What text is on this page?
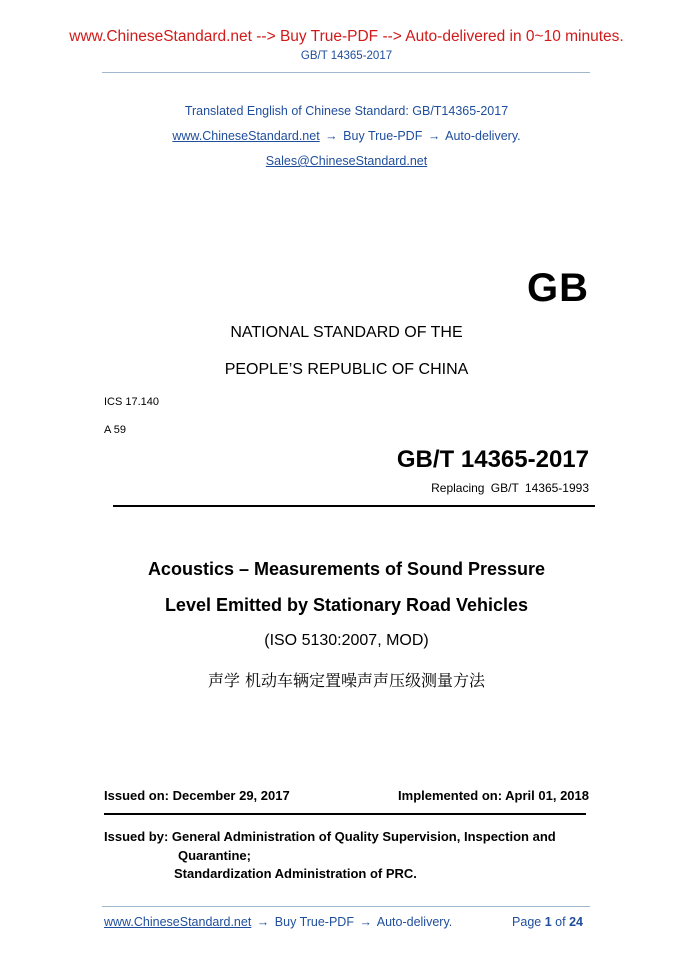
www.ChineseStandard.net --> Buy True-PDF --> Auto-delivered in 0~10 minutes.
GB/T 14365-2017
Translated English of Chinese Standard: GB/T14365-2017
www.ChineseStandard.net → Buy True-PDF → Auto-delivery.
Sales@ChineseStandard.net
GB
NATIONAL STANDARD OF THE
PEOPLE’S REPUBLIC OF CHINA
ICS 17.140
A 59
GB/T 14365-2017
Replacing GB/T 14365-1993
Acoustics – Measurements of Sound Pressure
Level Emitted by Stationary Road Vehicles
(ISO 5130:2007, MOD)
声学 机动车辆定置噪声声压级测量方法
Issued on: December 29, 2017	Implemented on: April 01, 2018
Issued by: General Administration of Quality Supervision, Inspection and
Quarantine;
Standardization Administration of PRC.
www.ChineseStandard.net → Buy True-PDF → Auto-delivery.	Page 1 of 24
